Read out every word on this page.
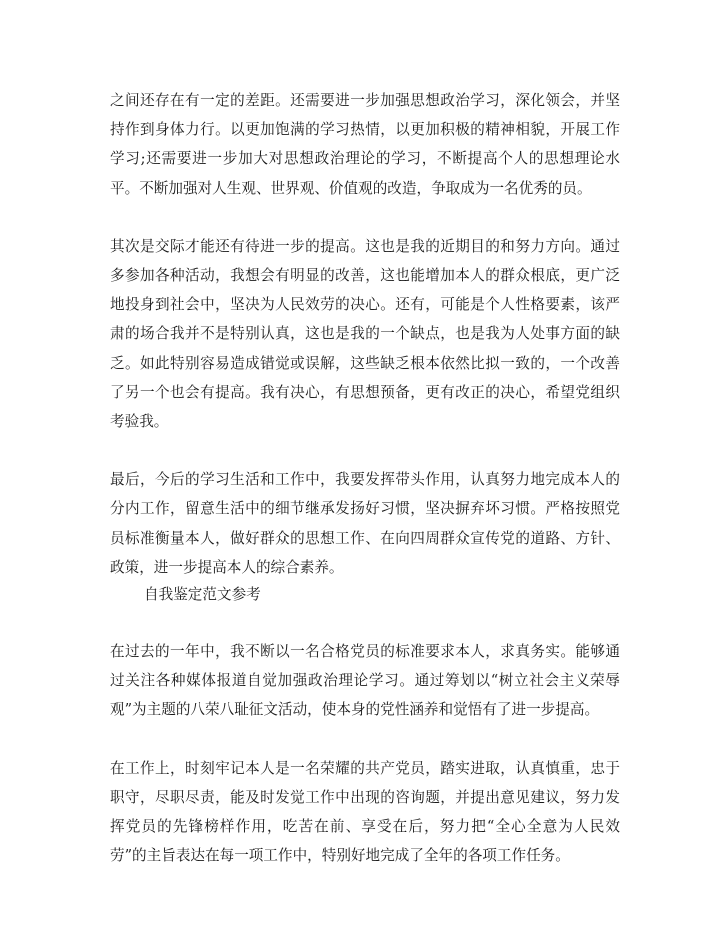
之间还存在有一定的差距。还需要进一步加强思想政治学习，深化领会，并坚持作到身体力行。以更加饱满的学习热情，以更加积极的精神相貌，开展工作学习;还需要进一步加大对思想政治理论的学习，不断提高个人的思想理论水平。不断加强对人生观、世界观、价值观的改造，争取成为一名优秀的员。

其次是交际才能还有待进一步的提高。这也是我的近期目的和努力方向。通过多参加各种活动，我想会有明显的改善，这也能增加本人的群众根底，更广泛地投身到社会中，坚决为人民效劳的决心。还有，可能是个人性格要素，该严肃的场合我并不是特别认真，这也是我的一个缺点，也是我为人处事方面的缺乏。如此特别容易造成错觉或误解，这些缺乏根本依然比拟一致的，一个改善了另一个也会有提高。我有决心，有思想预备，更有改正的决心，希望党组织考验我。

最后，今后的学习生活和工作中，我要发挥带头作用，认真努力地完成本人的分内工作，留意生活中的细节继承发扬好习惯，坚决摒弃坏习惯。严格按照党员标准衡量本人，做好群众的思想工作、在向四周群众宣传党的道路、方针、政策，进一步提高本人的综合素养。

自我鉴定范文参考

在过去的一年中，我不断以一名合格党员的标准要求本人，求真务实。能够通过关注各种媒体报道自觉加强政治理论学习。通过筹划以“树立社会主义荣辱观”为主题的八荣八耻征文活动，使本身的党性涵养和觉悟有了进一步提高。

在工作上，时刻牢记本人是一名荣耀的共产党员，踏实进取，认真慎重，忠于职守，尽职尽责，能及时发觉工作中出现的咨询题，并提出意见建议，努力发挥党员的先锋榜样作用，吃苦在前、享受在后，努力把“全心全意为人民效劳”的主旨表达在每一项工作中，特别好地完成了全年的各项工作任务。
